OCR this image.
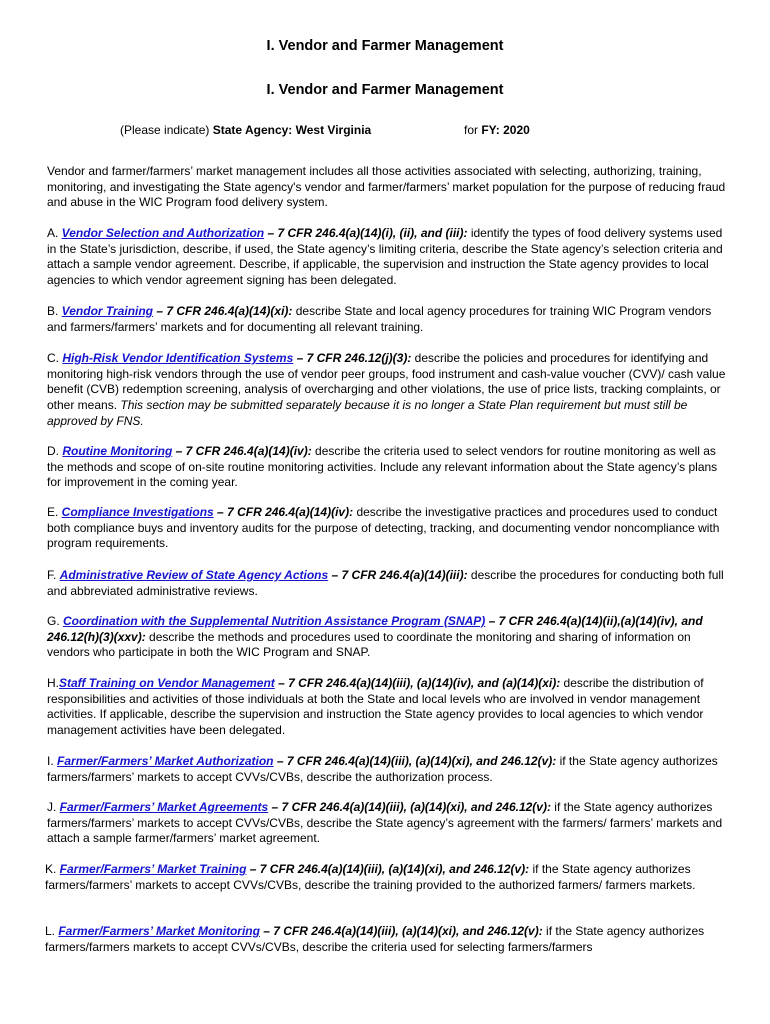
I. Vendor and Farmer Management
I. Vendor and Farmer Management
(Please indicate) State Agency: West Virginia	for FY: 2020

Vendor and farmer/farmers’ market management includes all those activities associated with selecting, authorizing, training, monitoring, and investigating the State agency's vendor and farmer/farmers’ market population for the purpose of reducing fraud and abuse in the WIC Program food delivery system.

A. Vendor Selection and Authorization – 7 CFR 246.4(a)(14)(i), (ii), and (iii): identify the types of food delivery systems used in the State’s jurisdiction, describe, if used, the State agency’s limiting criteria, describe the State agency’s selection criteria and attach a sample vendor agreement. Describe, if applicable, the supervision and instruction the State agency provides to local agencies to which vendor agreement signing has been delegated.

B. Vendor Training – 7 CFR 246.4(a)(14)(xi): describe State and local agency procedures for training WIC Program vendors and farmers/farmers’ markets and for documenting all relevant training.

C. High-Risk Vendor Identification Systems – 7 CFR 246.12(j)(3): describe the policies and procedures for identifying and monitoring high-risk vendors through the use of vendor peer groups, food instrument and cash-value voucher (CVV)/ cash value benefit (CVB) redemption screening, analysis of overcharging and other violations, the use of price lists, tracking complaints, or other means. This section may be submitted separately because it is no longer a State Plan requirement but must still be approved by FNS.

D. Routine Monitoring – 7 CFR 246.4(a)(14)(iv): describe the criteria used to select vendors for routine monitoring as well as the methods and scope of on-site routine monitoring activities. Include any relevant information about the State agency’s plans for improvement in the coming year.

E. Compliance Investigations – 7 CFR 246.4(a)(14)(iv): describe the investigative practices and procedures used to conduct both compliance buys and inventory audits for the purpose of detecting, tracking, and documenting vendor noncompliance with program requirements.

F. Administrative Review of State Agency Actions – 7 CFR 246.4(a)(14)(iii): describe the procedures for conducting both full and abbreviated administrative reviews.

G. Coordination with the Supplemental Nutrition Assistance Program (SNAP) – 7 CFR 246.4(a)(14)(ii),(a)(14)(iv), and 246.12(h)(3)(xxv): describe the methods and procedures used to coordinate the monitoring and sharing of information on vendors who participate in both the WIC Program and SNAP.

H.Staff Training on Vendor Management – 7 CFR 246.4(a)(14)(iii), (a)(14)(iv), and (a)(14)(xi): describe the distribution of responsibilities and activities of those individuals at both the State and local levels who are involved in vendor management activities. If applicable, describe the supervision and instruction the State agency provides to local agencies to which vendor management activities have been delegated.

I. Farmer/Farmers’ Market Authorization – 7 CFR 246.4(a)(14)(iii), (a)(14)(xi), and 246.12(v): if the State agency authorizes farmers/farmers’ markets to accept CVVs/CVBs, describe the authorization process.

J. Farmer/Farmers’ Market Agreements – 7 CFR 246.4(a)(14)(iii), (a)(14)(xi), and 246.12(v): if the State agency authorizes farmers/farmers’ markets to accept CVVs/CVBs, describe the State agency’s agreement with the farmers/ farmers’ markets and attach a sample farmer/farmers’ market agreement.

K. Farmer/Farmers’ Market Training – 7 CFR 246.4(a)(14)(iii), (a)(14)(xi), and 246.12(v): if the State agency authorizes farmers/farmers’ markets to accept CVVs/CVBs, describe the training provided to the authorized farmers/ farmers markets.

L. Farmer/Farmers’ Market Monitoring – 7 CFR 246.4(a)(14)(iii), (a)(14)(xi), and 246.12(v): if the State agency authorizes farmers/farmers markets to accept CVVs/CVBs, describe the criteria used for selecting farmers/farmers
